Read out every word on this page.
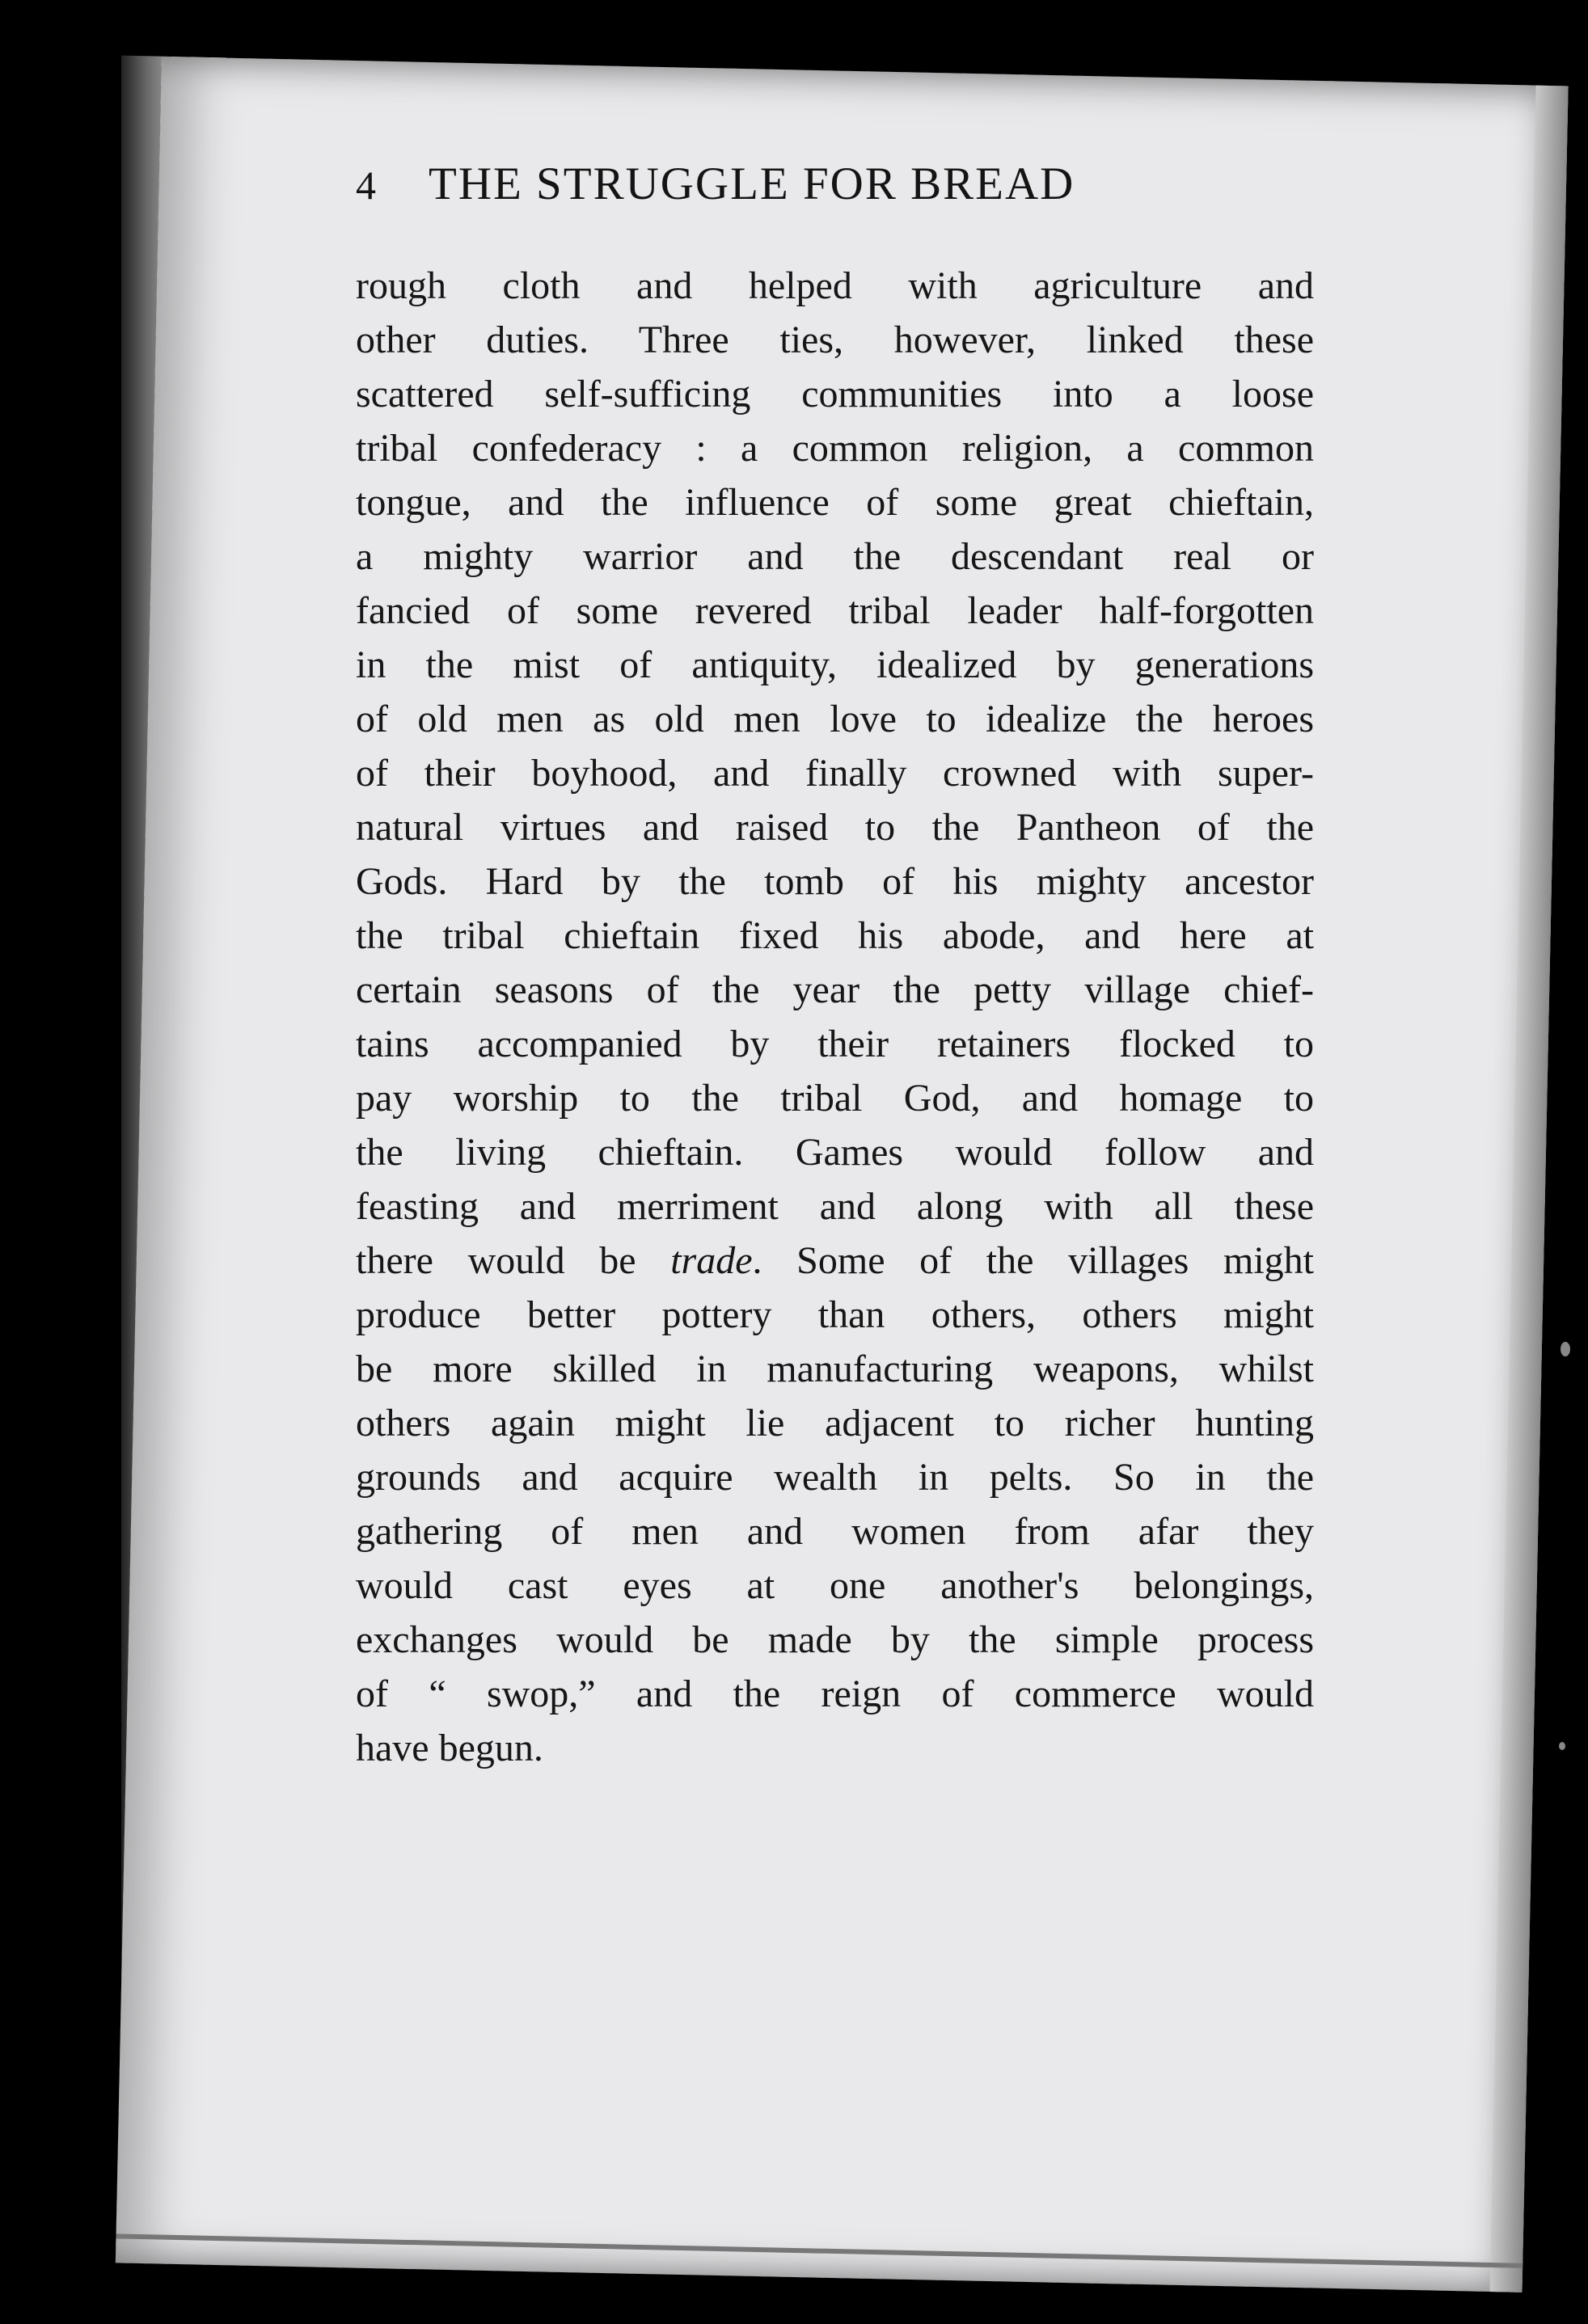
4	THE STRUGGLE FOR BREAD
rough cloth and helped with agriculture and
other duties. Three ties, however, linked these
scattered self-sufficing communities into a loose
tribal confederacy : a common religion, a common
tongue, and the influence of some great chieftain,
a mighty warrior and the descendant real or
fancied of some revered tribal leader half-forgotten
in the mist of antiquity, idealized by generations
of old men as old men love to idealize the heroes
of their boyhood, and finally crowned with super-
natural virtues and raised to the Pantheon of the
Gods. Hard by the tomb of his mighty ancestor
the tribal chieftain fixed his abode, and here at
certain seasons of the year the petty village chief-
tains accompanied by their retainers flocked to
pay worship to the tribal God, and homage to
the living chieftain. Games would follow and
feasting and merriment and along with all these
there would be trade. Some of the villages might
produce better pottery than others, others might
be more skilled in manufacturing weapons, whilst
others again might lie adjacent to richer hunting
grounds and acquire wealth in pelts. So in the
gathering of men and women from afar they
would cast eyes at one another's belongings,
exchanges would be made by the simple process
of “ swop,” and the reign of commerce would
have begun.
